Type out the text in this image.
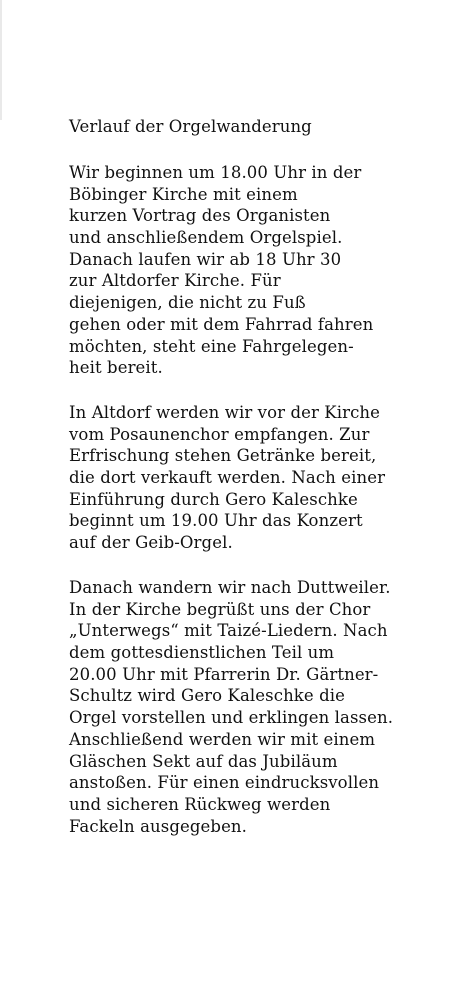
Verlauf der Orgelwanderung
Wir beginnen um 18.00 Uhr in der
Böbinger Kirche mit einem
kurzen Vortrag des Organisten
und anschließendem Orgelspiel.
Danach laufen wir ab 18 Uhr 30
zur Altdorfer Kirche. Für
diejenigen, die nicht zu Fuß
gehen oder mit dem Fahrrad fahren
möchten, steht eine Fahrgelegen-
heit bereit.
In Altdorf werden wir vor der Kirche
vom Posaunenchor empfangen. Zur
Erfrischung stehen Getränke bereit,
die dort verkauft werden. Nach einer
Einführung durch Gero Kaleschke
beginnt um 19.00 Uhr das Konzert
auf der Geib-Orgel.
Danach wandern wir nach Duttweiler.
In der Kirche begrüßt uns der Chor
„Unterwegs“ mit Taizé-Liedern. Nach
dem gottesdienstlichen Teil um
20.00 Uhr mit Pfarrerin Dr. Gärtner-
Schultz wird Gero Kaleschke die
Orgel vorstellen und erklingen lassen.
Anschließend werden wir mit einem
Gläschen Sekt auf das Jubiläum
anstoßen. Für einen eindrucksvollen
und sicheren Rückweg werden
Fackeln ausgegeben.
